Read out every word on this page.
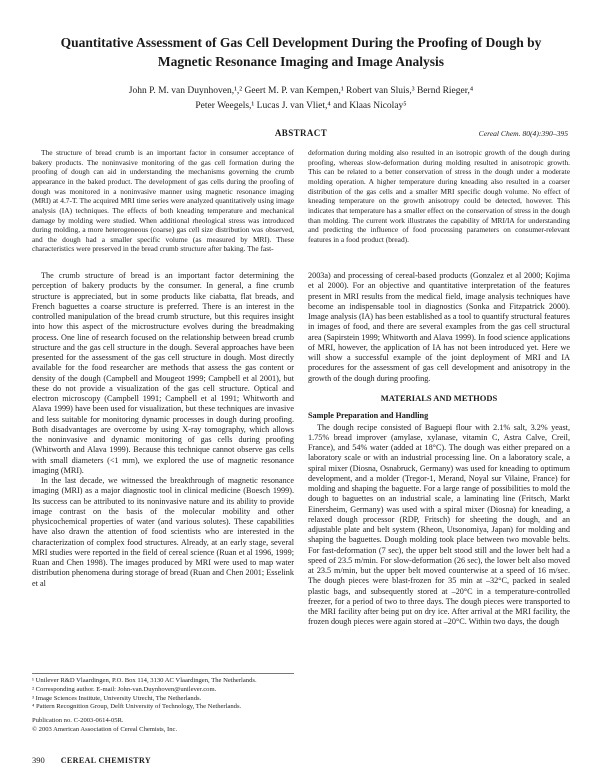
Quantitative Assessment of Gas Cell Development During the Proofing of Dough by Magnetic Resonance Imaging and Image Analysis
John P. M. van Duynhoven,¹,² Geert M. P. van Kempen,¹ Robert van Sluis,³ Bernd Rieger,⁴
Peter Weegels,¹ Lucas J. van Vliet,⁴ and Klaas Nicolay⁵
ABSTRACT	Cereal Chem. 80(4):390–395

The structure of bread crumb is an important factor in consumer acceptance of bakery products. The noninvasive monitoring of the gas cell formation during the proofing of dough can aid in understanding the mechanisms governing the crumb appearance in the baked product. The development of gas cells during the proofing of dough was monitored in a noninvasive manner using magnetic resonance imaging (MRI) at 4.7-T. The acquired MRI time series were analyzed quantitatively using image analysis (IA) techniques. The effects of both kneading temperature and mechanical damage by molding were studied. When additional rheological stress was introduced during molding, a more heterogeneous (coarse) gas cell size distribution was observed, and the dough had a smaller specific volume (as measured by MRI). These characteristics were preserved in the bread crumb structure after baking. The fast-

deformation during molding also resulted in an isotropic growth of the dough during proofing, whereas slow-deformation during molding resulted in anisotropic growth. This can be related to a better conservation of stress in the dough under a moderate molding operation. A higher temperature during kneading also resulted in a coarser distribution of the gas cells and a smaller MRI specific dough volume. No effect of kneading temperature on the growth anisotropy could be detected, however. This indicates that temperature has a smaller effect on the conservation of stress in the dough than molding. The current work illustrates the capability of MRI/IA for understanding and predicting the influence of food processing parameters on consumer-relevant features in a food product (bread).

The crumb structure of bread is an important factor determining the perception of bakery products by the consumer. In general, a fine crumb structure is appreciated, but in some products like ciabatta, flat breads, and French baguettes a coarse structure is preferred. There is an interest in the controlled manipulation of the bread crumb structure, but this requires insight into how this aspect of the microstructure evolves during the breadmaking process. One line of research focused on the relationship between bread crumb structure and the gas cell structure in the dough. Several approaches have been presented for the assessment of the gas cell structure in dough. Most directly available for the food researcher are methods that assess the gas content or density of the dough (Campbell and Mougeot 1999; Campbell et al 2001), but these do not provide a visualization of the gas cell structure. Optical and electron microscopy (Campbell 1991; Campbell et al 1991; Whitworth and Alava 1999) have been used for visualization, but these techniques are invasive and less suitable for monitoring dynamic processes in dough during proofing. Both disadvantages are overcome by using X-ray tomography, which allows the noninvasive and dynamic monitoring of gas cells during proofing (Whitworth and Alava 1999). Because this technique cannot observe gas cells with small diameters (<1 mm), we explored the use of magnetic resonance imaging (MRI).

In the last decade, we witnessed the breakthrough of magnetic resonance imaging (MRI) as a major diagnostic tool in clinical medicine (Boesch 1999). Its success can be attributed to its noninvasive nature and its ability to provide image contrast on the basis of the molecular mobility and other physicochemical properties of water (and various solutes). These capabilities have also drawn the attention of food scientists who are interested in the characterization of complex food structures. Already, at an early stage, several MRI studies were reported in the field of cereal science (Ruan et al 1996, 1999; Ruan and Chen 1998). The images produced by MRI were used to map water distribution phenomena during storage of bread (Ruan and Chen 2001; Esselink et al

¹ Unilever R&D Vlaardingen, P.O. Box 114, 3130 AC Vlaardingen, The Netherlands.

² Corresponding author. E-mail: John-van.Duynhoven@unilever.com.

³ Image Sciences Institute, University Utrecht, The Netherlands.

⁴ Pattern Recognition Group, Delft University of Technology, The Netherlands.

Publication no. C-2003-0614-05R.

© 2003 American Association of Cereal Chemists, Inc.

2003a) and processing of cereal-based products (Gonzalez et al 2000; Kojima et al 2000). For an objective and quantitative interpretation of the features present in MRI results from the medical field, image analysis techniques have become an indispensable tool in diagnostics (Sonka and Fitzpatrick 2000). Image analysis (IA) has been established as a tool to quantify structural features in images of food, and there are several examples from the gas cell structural area (Sapirstein 1999; Whitworth and Alava 1999). In food science applications of MRI, however, the application of IA has not been introduced yet. Here we will show a successful example of the joint deployment of MRI and IA procedures for the assessment of gas cell development and anisotropy in the growth of the dough during proofing.

MATERIALS AND METHODS
Sample Preparation and Handling

The dough recipe consisted of Baguepi flour with 2.1% salt, 3.2% yeast, 1.75% bread improver (amylase, xylanase, vitamin C, Astra Calve, Creil, France), and 54% water (added at 18°C). The dough was either prepared on a laboratory scale or with an industrial processing line. On a laboratory scale, a spiral mixer (Diosna, Osnabruck, Germany) was used for kneading to optimum development, and a molder (Tregor-1, Merand, Noyal sur Vilaine, France) for molding and shaping the baguette. For a large range of possibilities to mold the dough to baguettes on an industrial scale, a laminating line (Fritsch, Markt Einersheim, Germany) was used with a spiral mixer (Diosna) for kneading, a relaxed dough processor (RDP, Fritsch) for sheeting the dough, and an adjustable plate and belt system (Rheon, Utsonomiya, Japan) for molding and shaping the baguettes. Dough molding took place between two movable belts. For fast-deformation (7 sec), the upper belt stood still and the lower belt had a speed of 23.5 m/min. For slow-deformation (26 sec), the lower belt also moved at 23.5 m/min, but the upper belt moved counterwise at a speed of 16 m/sec. The dough pieces were blast-frozen for 35 min at –32°C, packed in sealed plastic bags, and subsequently stored at –20°C in a temperature-controlled freezer, for a period of two to three days. The dough pieces were transported to the MRI facility after being put on dry ice. After arrival at the MRI facility, the frozen dough pieces were again stored at –20°C. Within two days, the dough

390 CEREAL CHEMISTRY
